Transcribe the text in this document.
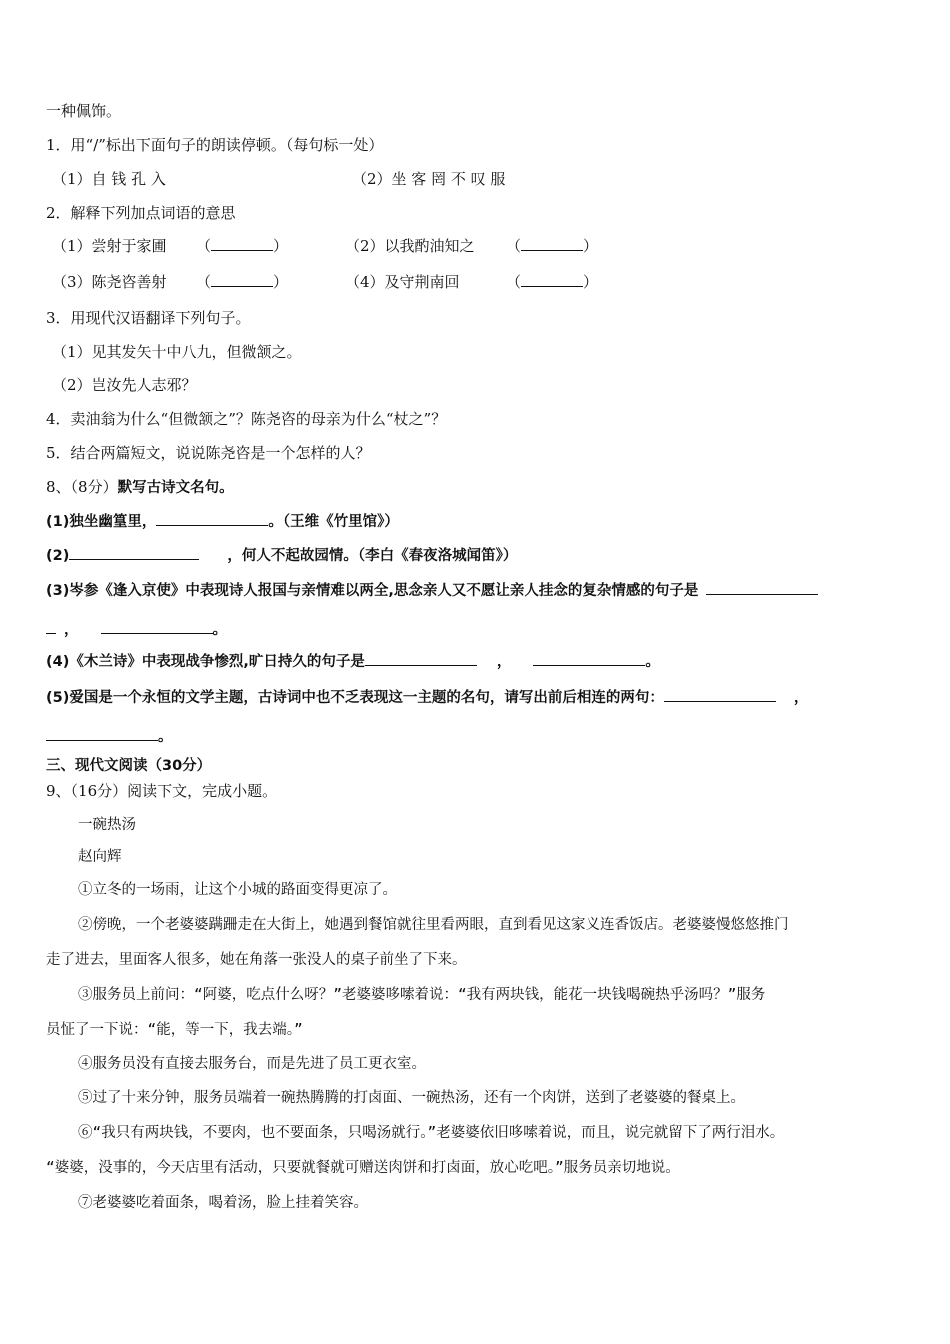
一种佩饰。
1．用“/”标出下面句子的朗读停顿。（每句标一处）
（1）自 钱 孔 入	（2）坐 客 罔 不 叹 服
2．解释下列加点词语的意思
（1）尝射于家圃 （	）	（2）以我酌油知之 （	）
（3）陈尧咨善射 （	）	（4）及守荆南回	（	）
3．用现代汉语翻译下列句子。
（1）见其发矢十中八九，但微颔之。
（2）岂汝先人志邪？
4．卖油翁为什么“但微颔之”？陈尧咨的母亲为什么“杖之”？
5．结合两篇短文，说说陈尧咨是一个怎样的人？
8、（8分）默写古诗文名句。
(1)独坐幽篁里，	。（王维《竹里馆》）
(2)	，何人不起故园情。（李白《春夜洛城闻笛》）
(3)岑参《逢入京使》中表现诗人报国与亲情难以两全,思念亲人又不愿让亲人挂念的复杂情感的句子是
，	。
(4)《木兰诗》中表现战争惨烈,旷日持久的句子是	，	。
(5)爱国是一个永恒的文学主题，古诗词中也不乏表现这一主题的名句，请写出前后相连的两句：	，
。
三、现代文阅读（30分）
9、（16分）阅读下文，完成小题。
一碗热汤
赵向辉
①立冬的一场雨，让这个小城的路面变得更凉了。
②傍晚，一个老婆婆蹒跚走在大街上，她遇到餐馆就往里看两眼，直到看见这家义连香饭店。老婆婆慢悠悠推门
走了进去，里面客人很多，她在角落一张没人的桌子前坐了下来。
③服务员上前问：“阿婆，吃点什么呀？”老婆婆哆嗦着说：“我有两块钱，能花一块钱喝碗热乎汤吗？”服务
员怔了一下说：“能，等一下，我去端。”
④服务员没有直接去服务台，而是先进了员工更衣室。
⑤过了十来分钟，服务员端着一碗热腾腾的打卤面、一碗热汤，还有一个肉饼，送到了老婆婆的餐桌上。
⑥“我只有两块钱，不要肉，也不要面条，只喝汤就行。”老婆婆依旧哆嗦着说，而且，说完就留下了两行泪水。
“婆婆，没事的，今天店里有活动，只要就餐就可赠送肉饼和打卤面，放心吃吧。”服务员亲切地说。
⑦老婆婆吃着面条，喝着汤，脸上挂着笑容。
